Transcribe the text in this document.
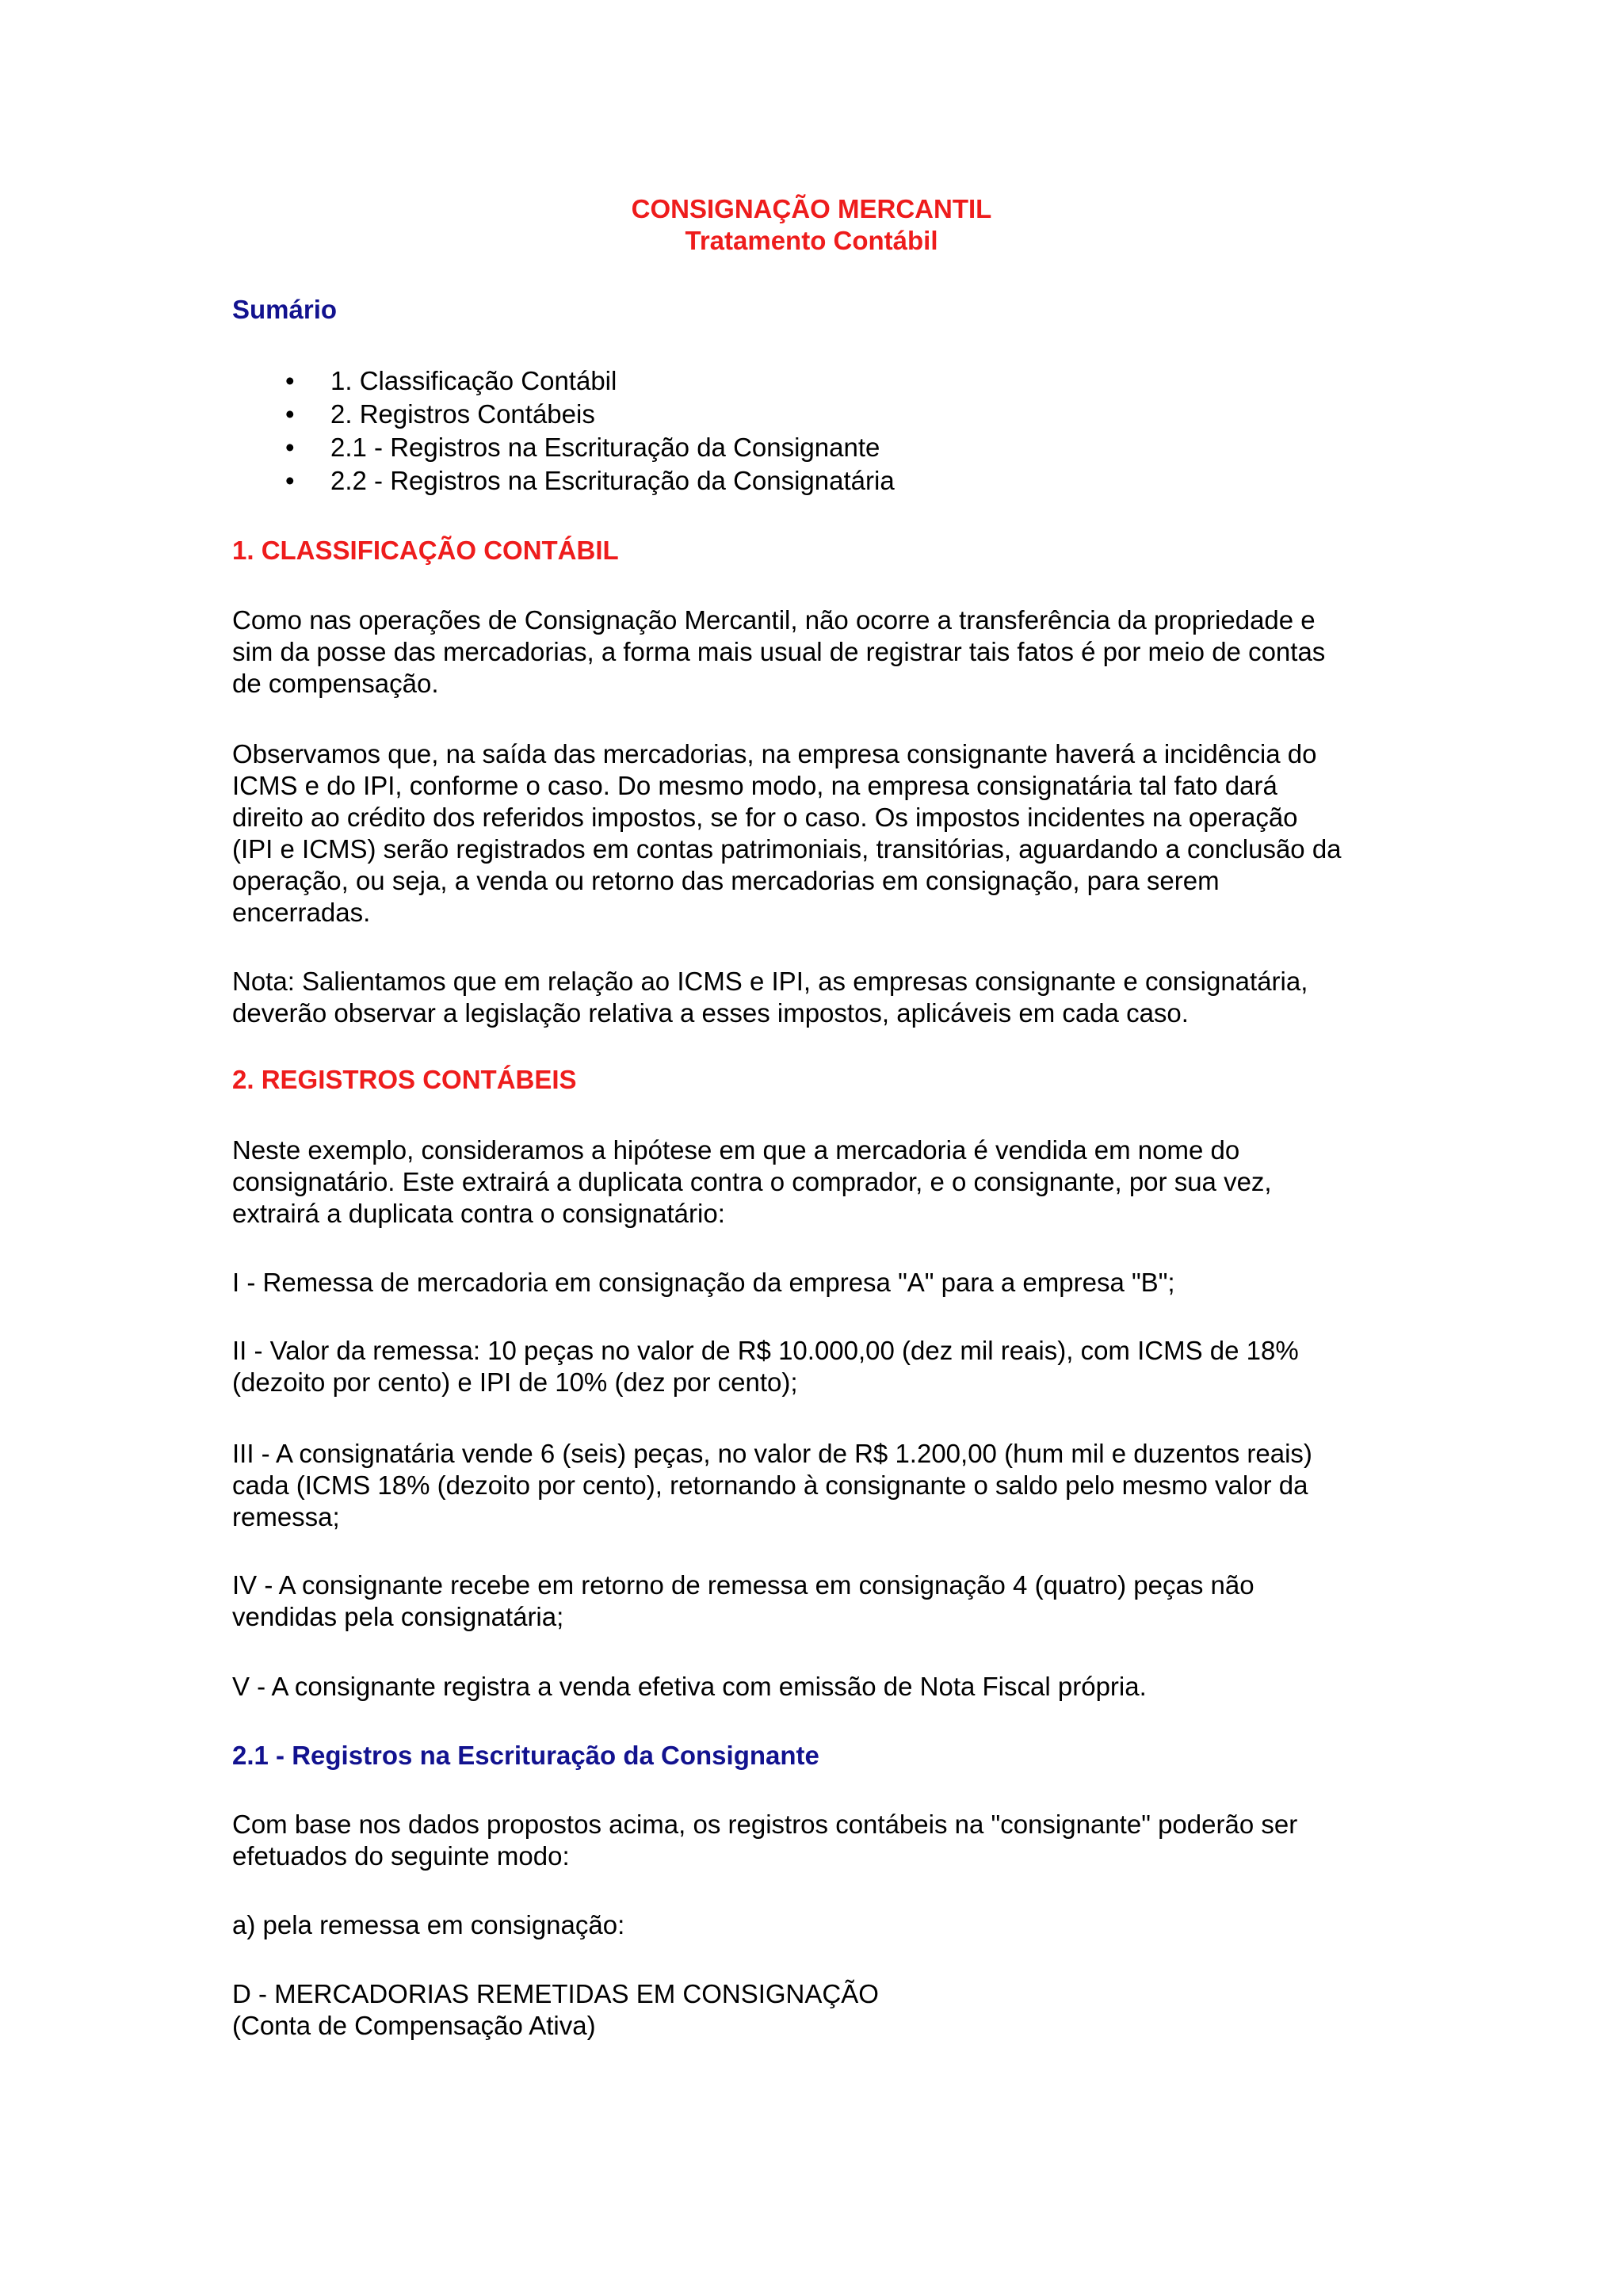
CONSIGNAÇÃO MERCANTIL
Tratamento Contábil
Sumário
• 1. Classificação Contábil
• 2. Registros Contábeis
• 2.1 - Registros na Escrituração da Consignante
• 2.2 - Registros na Escrituração da Consignatária
1. CLASSIFICAÇÃO CONTÁBIL

Como nas operações de Consignação Mercantil, não ocorre a transferência da propriedade e

sim da posse das mercadorias, a forma mais usual de registrar tais fatos é por meio de contas

de compensação.

Observamos que, na saída das mercadorias, na empresa consignante haverá a incidência do

ICMS e do IPI, conforme o caso. Do mesmo modo, na empresa consignatária tal fato dará

direito ao crédito dos referidos impostos, se for o caso. Os impostos incidentes na operação

(IPI e ICMS) serão registrados em contas patrimoniais, transitórias, aguardando a conclusão da

operação, ou seja, a venda ou retorno das mercadorias em consignação, para serem

encerradas.

Nota: Salientamos que em relação ao ICMS e IPI, as empresas consignante e consignatária,

deverão observar a legislação relativa a esses impostos, aplicáveis em cada caso.

2. REGISTROS CONTÁBEIS

Neste exemplo, consideramos a hipótese em que a mercadoria é vendida em nome do

consignatário. Este extrairá a duplicata contra o comprador, e o consignante, por sua vez,

extrairá a duplicata contra o consignatário:

I - Remessa de mercadoria em consignação da empresa "A" para a empresa "B";

II - Valor da remessa: 10 peças no valor de R$ 10.000,00 (dez mil reais), com ICMS de 18%

(dezoito por cento) e IPI de 10% (dez por cento);

III - A consignatária vende 6 (seis) peças, no valor de R$ 1.200,00 (hum mil e duzentos reais)

cada (ICMS 18% (dezoito por cento), retornando à consignante o saldo pelo mesmo valor da

remessa;

IV - A consignante recebe em retorno de remessa em consignação 4 (quatro) peças não

vendidas pela consignatária;

V - A consignante registra a venda efetiva com emissão de Nota Fiscal própria.

2.1 - Registros na Escrituração da Consignante

Com base nos dados propostos acima, os registros contábeis na "consignante" poderão ser

efetuados do seguinte modo:

a) pela remessa em consignação:

D - MERCADORIAS REMETIDAS EM CONSIGNAÇÃO

(Conta de Compensação Ativa)
